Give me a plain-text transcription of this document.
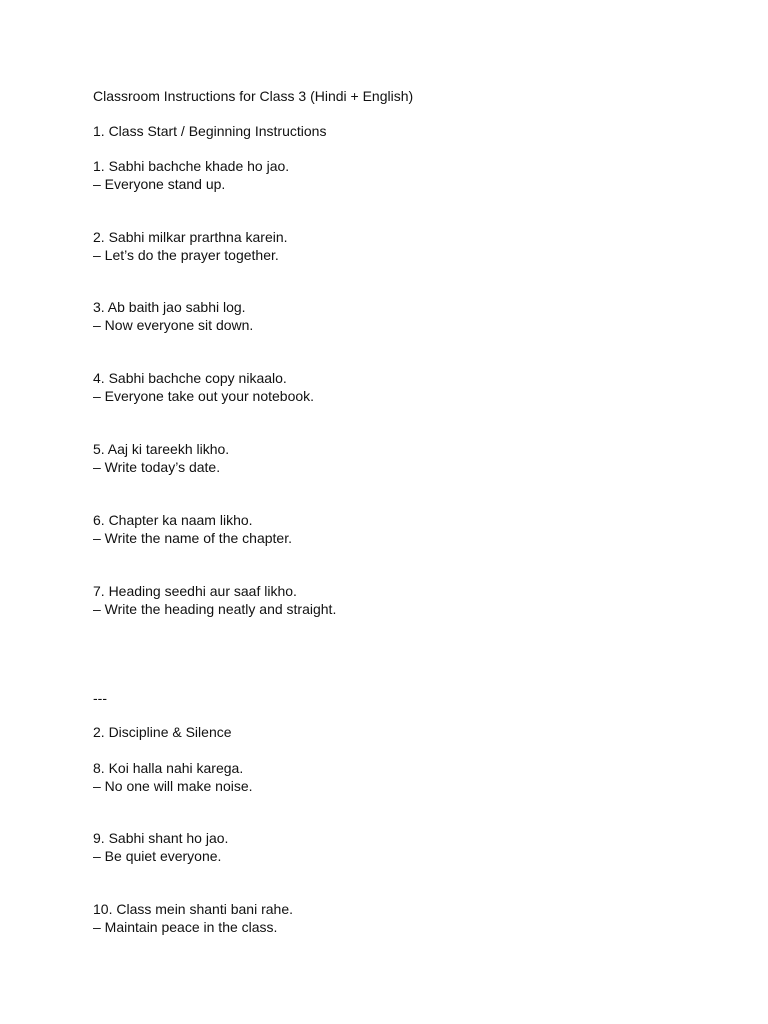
Classroom Instructions for Class 3 (Hindi + English)
1. Class Start / Beginning Instructions
1. Sabhi bachche khade ho jao.
– Everyone stand up.
2. Sabhi milkar prarthna karein.
– Let’s do the prayer together.
3. Ab baith jao sabhi log.
– Now everyone sit down.
4. Sabhi bachche copy nikaalo.
– Everyone take out your notebook.
5. Aaj ki tareekh likho.
– Write today’s date.
6. Chapter ka naam likho.
– Write the name of the chapter.
7. Heading seedhi aur saaf likho.
– Write the heading neatly and straight.
---
2. Discipline & Silence
8. Koi halla nahi karega.
– No one will make noise.
9. Sabhi shant ho jao.
– Be quiet everyone.
10. Class mein shanti bani rahe.
– Maintain peace in the class.
